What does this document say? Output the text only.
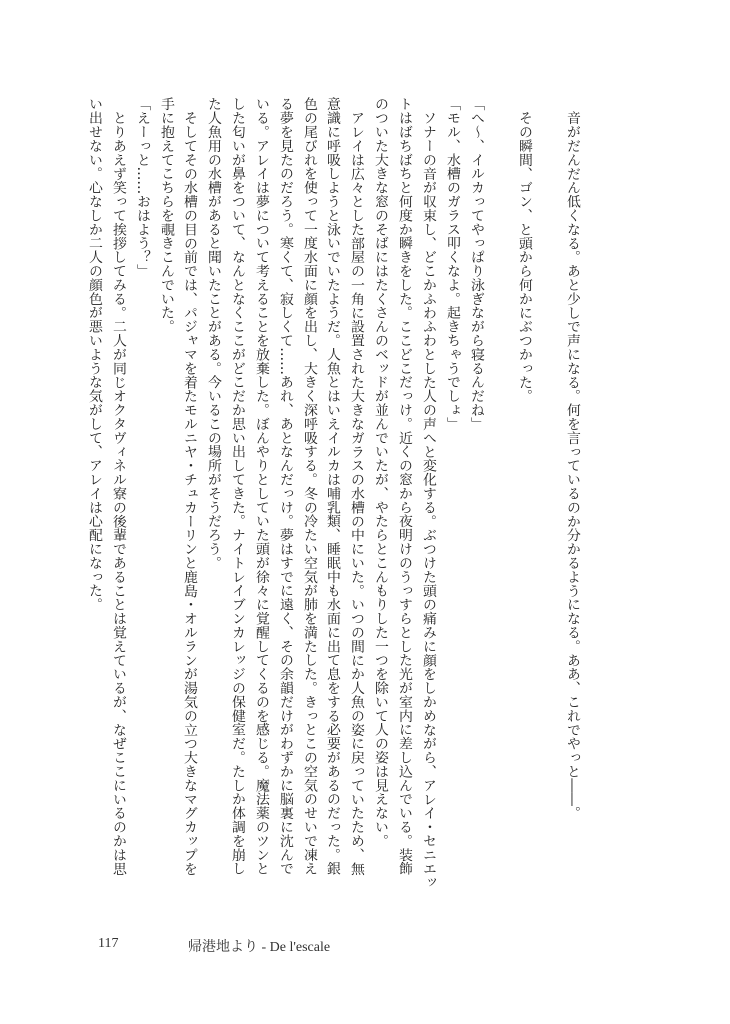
音がだんだん低くなる。あと少しで声になる。何を言っているのか分かるようになる。ああ、これでやっと――。
その瞬間、ゴン、と頭から何かにぶつかった。
「へ～、イルカってやっぱり泳ぎながら寝るんだね」
「モル、水槽のガラス叩くなよ。起きちゃうでしょ」
ソナーの音が収束し、どこかふわふわとした人の声へと変化する。ぶつけた頭の痛みに顔をしかめながら、アレイ・セニエッ
トはばちばちと何度か瞬きをした。ここどこだっけ。近くの窓から夜明けのうっすらとした光が室内に差し込んでいる。装飾
のついた大きな窓のそばにはたくさんのベッドが並んでいたが、やたらとこんもりした一つを除いて人の姿は見えない。
アレイは広々とした部屋の一角に設置された大きなガラスの水槽の中にいた。いつの間にか人魚の姿に戻っていたため、無
意識に呼吸しようと泳いでいたようだ。人魚とはいえイルカは哺乳類、睡眠中も水面に出て息をする必要があるのだった。銀
色の尾びれを使って一度水面に顔を出し、大きく深呼吸する。冬の冷たい空気が肺を満たした。きっとこの空気のせいで凍え
る夢を見たのだろう。寒くて、寂しくて……あれ、あとなんだっけ。夢はすでに遠く、その余韻だけがわずかに脳裏に沈んで
いる。アレイは夢について考えることを放棄した。ぼんやりとしていた頭が徐々に覚醒してくるのを感じる。魔法薬のツンと
した匂いが鼻をついて、なんとなくここがどこだか思い出してきた。ナイトレイブンカレッジの保健室だ。たしか体調を崩し
た人魚用の水槽があると聞いたことがある。今いるこの場所がそうだろう。
そしてその水槽の目の前では、パジャマを着たモルニヤ・チュカーリンと鹿島・オルランが湯気の立つ大きなマグカップを
手に抱えてこちらを覗きこんでいた。
「えーっと……おはよう？」
とりあえず笑って挨拶してみる。二人が同じオクタヴィネル寮の後輩であることは覚えているが、なぜここにいるのかは思
い出せない。心なしか二人の顔色が悪いような気がして、アレイは心配になった。
117	帰港地より - De l'escale
